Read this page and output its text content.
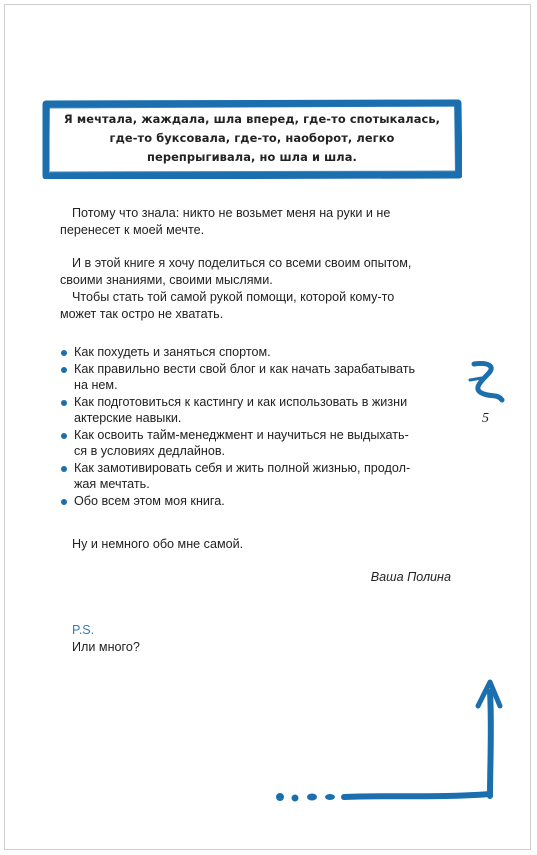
Я мечтала, жаждала, шла вперед, где-то спотыкалась,
где-то буксовала, где-то, наоборот, легко
перепрыгивала, но шла и шла.

Потому что знала: никто не возьмет меня на руки и не
перенесет к моей мечте.

И в этой книге я хочу поделиться со всеми своим опытом,
своими знаниями, своими мыслями.

Чтобы стать той самой рукой помощи, которой кому-то
может так остро не хватать.

Как похудеть и заняться спортом.
Как правильно вести свой блог и как начать зарабатывать
на нем.
Как подготовиться к кастингу и как использовать в жизни
актерские навыки.
Как освоить тайм-менеджмент и научиться не выдыхать-
ся в условиях дедлайнов.
Как замотивировать себя и жить полной жизнью, продол-
жая мечтать.
Обо всем этом моя книга.

Ну и немного обо мне самой.

Ваша Полина

P.S.

Или много?

5
